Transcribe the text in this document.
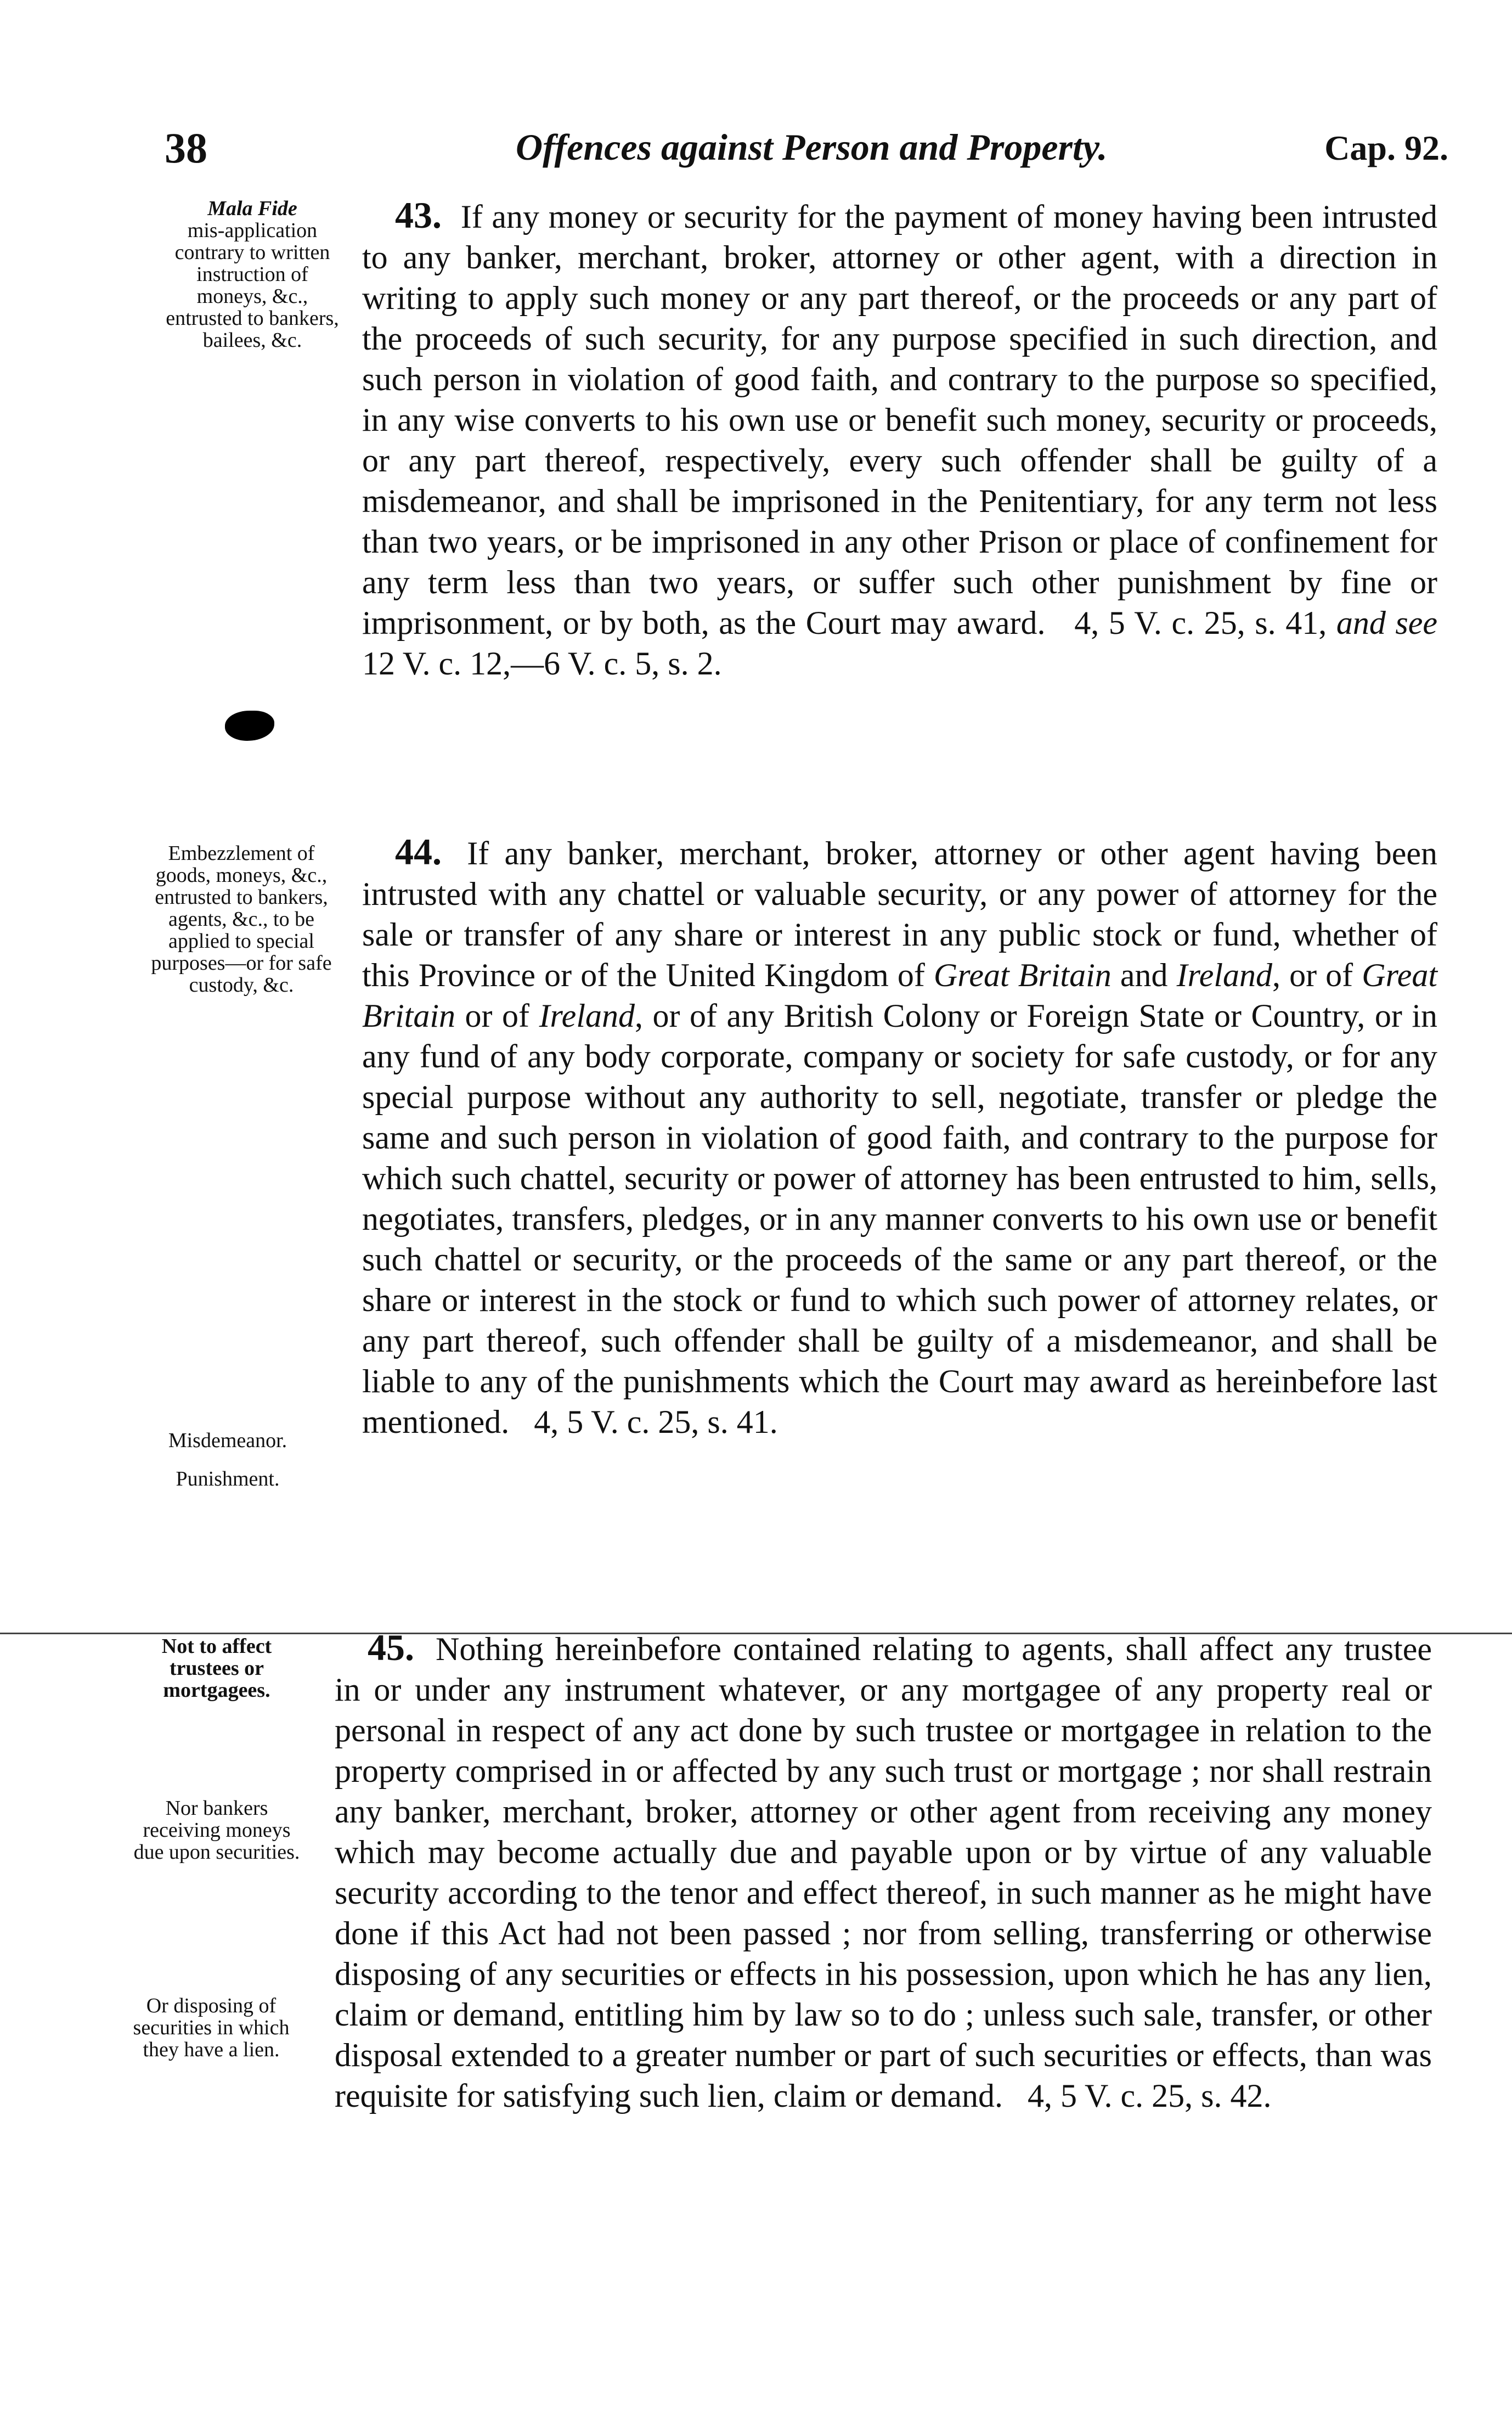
38	Offences against Person and Property.	Cap. 92.
Mala Fide
mis-application contrary to written instruction of moneys, &c., entrusted to bankers, bailees, &c.

43. If any money or security for the payment of money having been intrusted to any banker, merchant, broker, attorney or other agent, with a direction in writing to apply such money or any part thereof, or the proceeds or any part of the proceeds of such security, for any purpose specified in such direction, and such person in violation of good faith, and contrary to the purpose so specified, in any wise converts to his own use or benefit such money, security or proceeds, or any part thereof, respectively, every such offender shall be guilty of a misdemeanor, and shall be imprisoned in the Penitentiary, for any term not less than two years, or be imprisoned in any other Prison or place of confinement for any term less than two years, or suffer such other punishment by fine or imprisonment, or by both, as the Court may award. 4, 5 V. c. 25, s. 41, and see 12 V. c. 12,—6 V. c. 5, s. 2.

Embezzlement of goods, moneys, &c., entrusted to bankers, agents, &c., to be applied to special purposes—or for safe custody, &c.
Misdemeanor.
Punishment.

44. If any banker, merchant, broker, attorney or other agent having been intrusted with any chattel or valuable security, or any power of attorney for the sale or transfer of any share or interest in any public stock or fund, whether of this Province or of the United Kingdom of Great Britain and Ireland, or of Great Britain or of Ireland, or of any British Colony or Foreign State or Country, or in any fund of any body corporate, company or society for safe custody, or for any special purpose without any authority to sell, negotiate, transfer or pledge the same and such person in violation of good faith, and contrary to the purpose for which such chattel, security or power of attorney has been entrusted to him, sells, negotiates, transfers, pledges, or in any manner converts to his own use or benefit such chattel or security, or the proceeds of the same or any part thereof, or the share or interest in the stock or fund to which such power of attorney relates, or any part thereof, such offender shall be guilty of a misdemeanor, and shall be liable to any of the punishments which the Court may award as hereinbefore last mentioned. 4, 5 V. c. 25, s. 41.

Not to affect trustees or mortgagees.
Nor bankers receiving moneys due upon securities.
Or disposing of securities in which they have a lien.

45. Nothing hereinbefore contained relating to agents, shall affect any trustee in or under any instrument whatever, or any mortgagee of any property real or personal in respect of any act done by such trustee or mortgagee in relation to the property comprised in or affected by any such trust or mortgage ; nor shall restrain any banker, merchant, broker, attorney or other agent from receiving any money which may become actually due and payable upon or by virtue of any valuable security according to the tenor and effect thereof, in such manner as he might have done if this Act had not been passed ; nor from selling, transferring or otherwise disposing of any securities or effects in his possession, upon which he has any lien, claim or demand, entitling him by law so to do ; unless such sale, transfer, or other disposal extended to a greater number or part of such securities or effects, than was requisite for satisfying such lien, claim or demand. 4, 5 V. c. 25, s. 42.
